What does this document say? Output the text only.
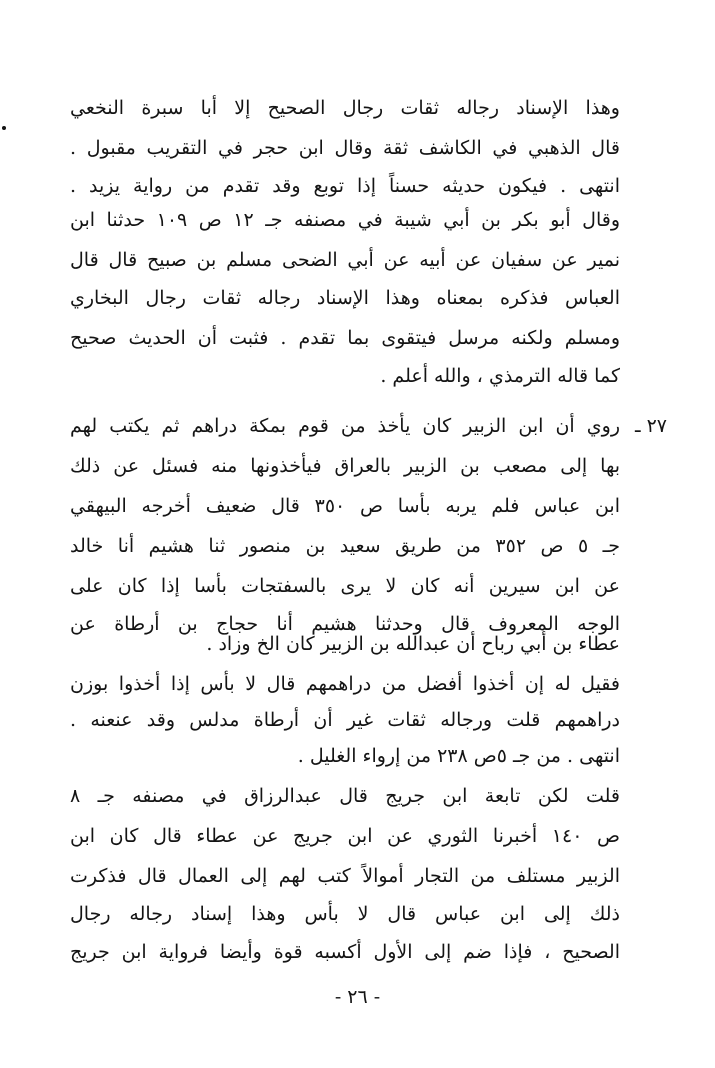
وهذا الإسناد رجاله ثقات رجال الصحيح إلا أبا سبرة النخعي
قال الذهبي في الكاشف ثقة وقال ابن حجر في التقريب مقبول .
انتهى . فيكون حديثه حسناً إذا توبع وقد تقدم من رواية يزيد .
وقال أبو بكر بن أبي شيبة في مصنفه جـ ١٢ ص ١٠٩ حدثنا ابن
نمير عن سفيان عن أبيه عن أبي الضحى مسلم بن صبيح قال قال
العباس فذكره بمعناه وهذا الإسناد رجاله ثقات رجال البخاري
ومسلم ولكنه مرسل فيتقوى بما تقدم . فثبت أن الحديث صحيح
كما قاله الترمذي ، والله أعلم .
٢٧ ـ
روي أن ابن الزبير كان يأخذ من قوم بمكة دراهم ثم يكتب لهم
بها إلى مصعب بن الزبير بالعراق فيأخذونها منه فسئل عن ذلك
ابن عباس فلم يربه بأسا ص ٣٥٠ قال ضعيف أخرجه البيهقي
جـ ٥ ص ٣٥٢ من طريق سعيد بن منصور ثنا هشيم أنا خالد
عن ابن سيرين أنه كان لا يرى بالسفتجات بأسا إذا كان على
الوجه المعروف قال وحدثنا هشيم أنا حجاج بن أرطاة عن
عطاء بن أبي رباح أن عبدالله بن الزبير كان الخ وزاد .
فقيل له إن أخذوا أفضل من دراهمهم قال لا بأس إذا أخذوا بوزن
دراهمهم قلت ورجاله ثقات غير أن أرطاة مدلس وقد عنعنه .
انتهى . من جـ ٥ص ٢٣٨ من إرواء الغليل .
قلت لكن تابعة ابن جريج قال عبدالرزاق في مصنفه جـ ٨
ص ١٤٠ أخبرنا الثوري عن ابن جريج عن عطاء قال كان ابن
الزبير مستلف من التجار أموالاً كتب لهم إلى العمال قال فذكرت
ذلك إلى ابن عباس قال لا بأس وهذا إسناد رجاله رجال
الصحيح ، فإذا ضم إلى الأول أكسبه قوة وأيضا فرواية ابن جريج
- ٢٦ -
